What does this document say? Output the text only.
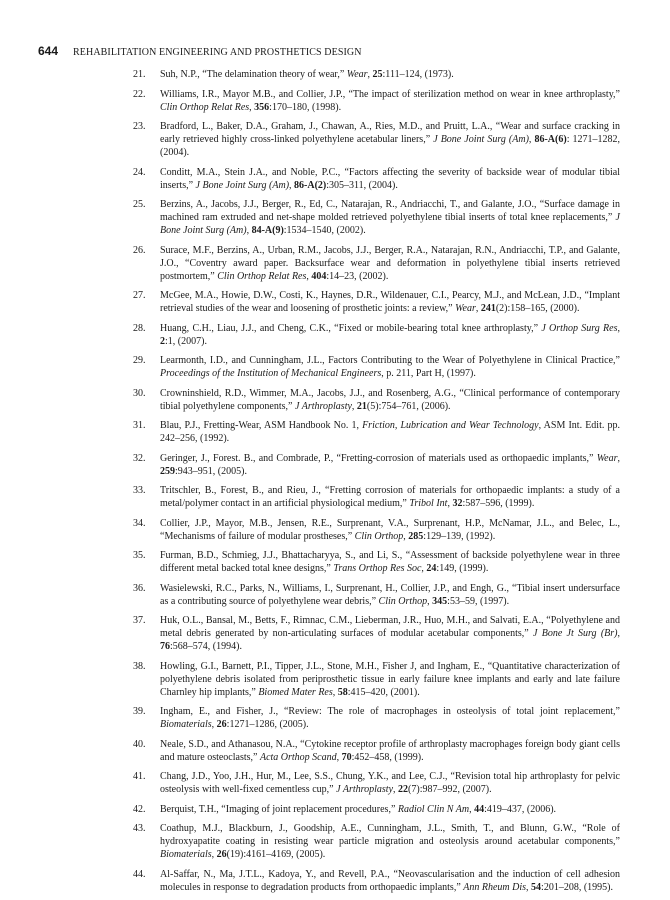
644 REHABILITATION ENGINEERING AND PROSTHETICS DESIGN
21. Suh, N.P., “The delamination theory of wear,” Wear, 25:111–124, (1973).
22. Williams, I.R., Mayor M.B., and Collier, J.P., “The impact of sterilization method on wear in knee arthroplasty,” Clin Orthop Relat Res, 356:170–180, (1998).
23. Bradford, L., Baker, D.A., Graham, J., Chawan, A., Ries, M.D., and Pruitt, L.A., “Wear and surface cracking in early retrieved highly cross-linked polyethylene acetabular liners,” J Bone Joint Surg (Am), 86-A(6): 1271–1282, (2004).
24. Conditt, M.A., Stein J.A., and Noble, P.C., “Factors affecting the severity of backside wear of modular tibial inserts,” J Bone Joint Surg (Am), 86-A(2):305–311, (2004).
25. Berzins, A., Jacobs, J.J., Berger, R., Ed, C., Natarajan, R., Andriacchi, T., and Galante, J.O., “Surface damage in machined ram extruded and net-shape molded retrieved polyethylene tibial inserts of total knee replacements,” J Bone Joint Surg (Am), 84-A(9):1534–1540, (2002).
26. Surace, M.F., Berzins, A., Urban, R.M., Jacobs, J.J., Berger, R.A., Natarajan, R.N., Andriacchi, T.P., and Galante, J.O., “Coventry award paper. Backsurface wear and deformation in polyethylene tibial inserts retrieved postmortem,” Clin Orthop Relat Res, 404:14–23, (2002).
27. McGee, M.A., Howie, D.W., Costi, K., Haynes, D.R., Wildenauer, C.I., Pearcy, M.J., and McLean, J.D., “Implant retrieval studies of the wear and loosening of prosthetic joints: a review,” Wear, 241(2):158–165, (2000).
28. Huang, C.H., Liau, J.J., and Cheng, C.K., “Fixed or mobile-bearing total knee arthroplasty,” J Orthop Surg Res, 2:1, (2007).
29. Learmonth, I.D., and Cunningham, J.L., Factors Contributing to the Wear of Polyethylene in Clinical Practice,” Proceedings of the Institution of Mechanical Engineers, p. 211, Part H, (1997).
30. Crowninshield, R.D., Wimmer, M.A., Jacobs, J.J., and Rosenberg, A.G., “Clinical performance of contemporary tibial polyethylene components,” J Arthroplasty, 21(5):754–761, (2006).
31. Blau, P.J., Fretting-Wear, ASM Handbook No. 1, Friction, Lubrication and Wear Technology, ASM Int. Edit. pp. 242–256, (1992).
32. Geringer, J., Forest. B., and Combrade, P., “Fretting-corrosion of materials used as orthopaedic implants,” Wear, 259:943–951, (2005).
33. Tritschler, B., Forest, B., and Rieu, J., “Fretting corrosion of materials for orthopaedic implants: a study of a metal/polymer contact in an artificial physiological medium,” Tribol Int, 32:587–596, (1999).
34. Collier, J.P., Mayor, M.B., Jensen, R.E., Surprenant, V.A., Surprenant, H.P., McNamar, J.L., and Belec, L., “Mechanisms of failure of modular prostheses,” Clin Orthop, 285:129–139, (1992).
35. Furman, B.D., Schmieg, J.J., Bhattacharyya, S., and Li, S., “Assessment of backside polyethylene wear in three different metal backed total knee designs,” Trans Orthop Res Soc, 24:149, (1999).
36. Wasielewski, R.C., Parks, N., Williams, I., Surprenant, H., Collier, J.P., and Engh, G., “Tibial insert undersurface as a contributing source of polyethylene wear debris,” Clin Orthop, 345:53–59, (1997).
37. Huk, O.L., Bansal, M., Betts, F., Rimnac, C.M., Lieberman, J.R., Huo, M.H., and Salvati, E.A., “Polyethylene and metal debris generated by non-articulating surfaces of modular acetabular components,” J Bone Jt Surg (Br), 76:568–574, (1994).
38. Howling, G.I., Barnett, P.I., Tipper, J.L., Stone, M.H., Fisher J, and Ingham, E., “Quantitative characterization of polyethylene debris isolated from periprosthetic tissue in early failure knee implants and early and late failure Charnley hip implants,” Biomed Mater Res, 58:415–420, (2001).
39. Ingham, E., and Fisher, J., “Review: The role of macrophages in osteolysis of total joint replacement,” Biomaterials, 26:1271–1286, (2005).
40. Neale, S.D., and Athanasou, N.A., “Cytokine receptor profile of arthroplasty macrophages foreign body giant cells and mature osteoclasts,” Acta Orthop Scand, 70:452–458, (1999).
41. Chang, J.D., Yoo, J.H., Hur, M., Lee, S.S., Chung, Y.K., and Lee, C.J., “Revision total hip arthroplasty for pelvic osteolysis with well-fixed cementless cup,” J Arthroplasty, 22(7):987–992, (2007).
42. Berquist, T.H., “Imaging of joint replacement procedures,” Radiol Clin N Am, 44:419–437, (2006).
43. Coathup, M.J., Blackburn, J., Goodship, A.E., Cunningham, J.L., Smith, T., and Blunn, G.W., “Role of hydroxyapatite coating in resisting wear particle migration and osteolysis around acetabular components,” Biomaterials, 26(19):4161–4169, (2005).
44. Al-Saffar, N., Ma, J.T.L., Kadoya, Y., and Revell, P.A., “Neovascularisation and the induction of cell adhesion molecules in response to degradation products from orthopaedic implants,” Ann Rheum Dis, 54:201–208, (1995).
